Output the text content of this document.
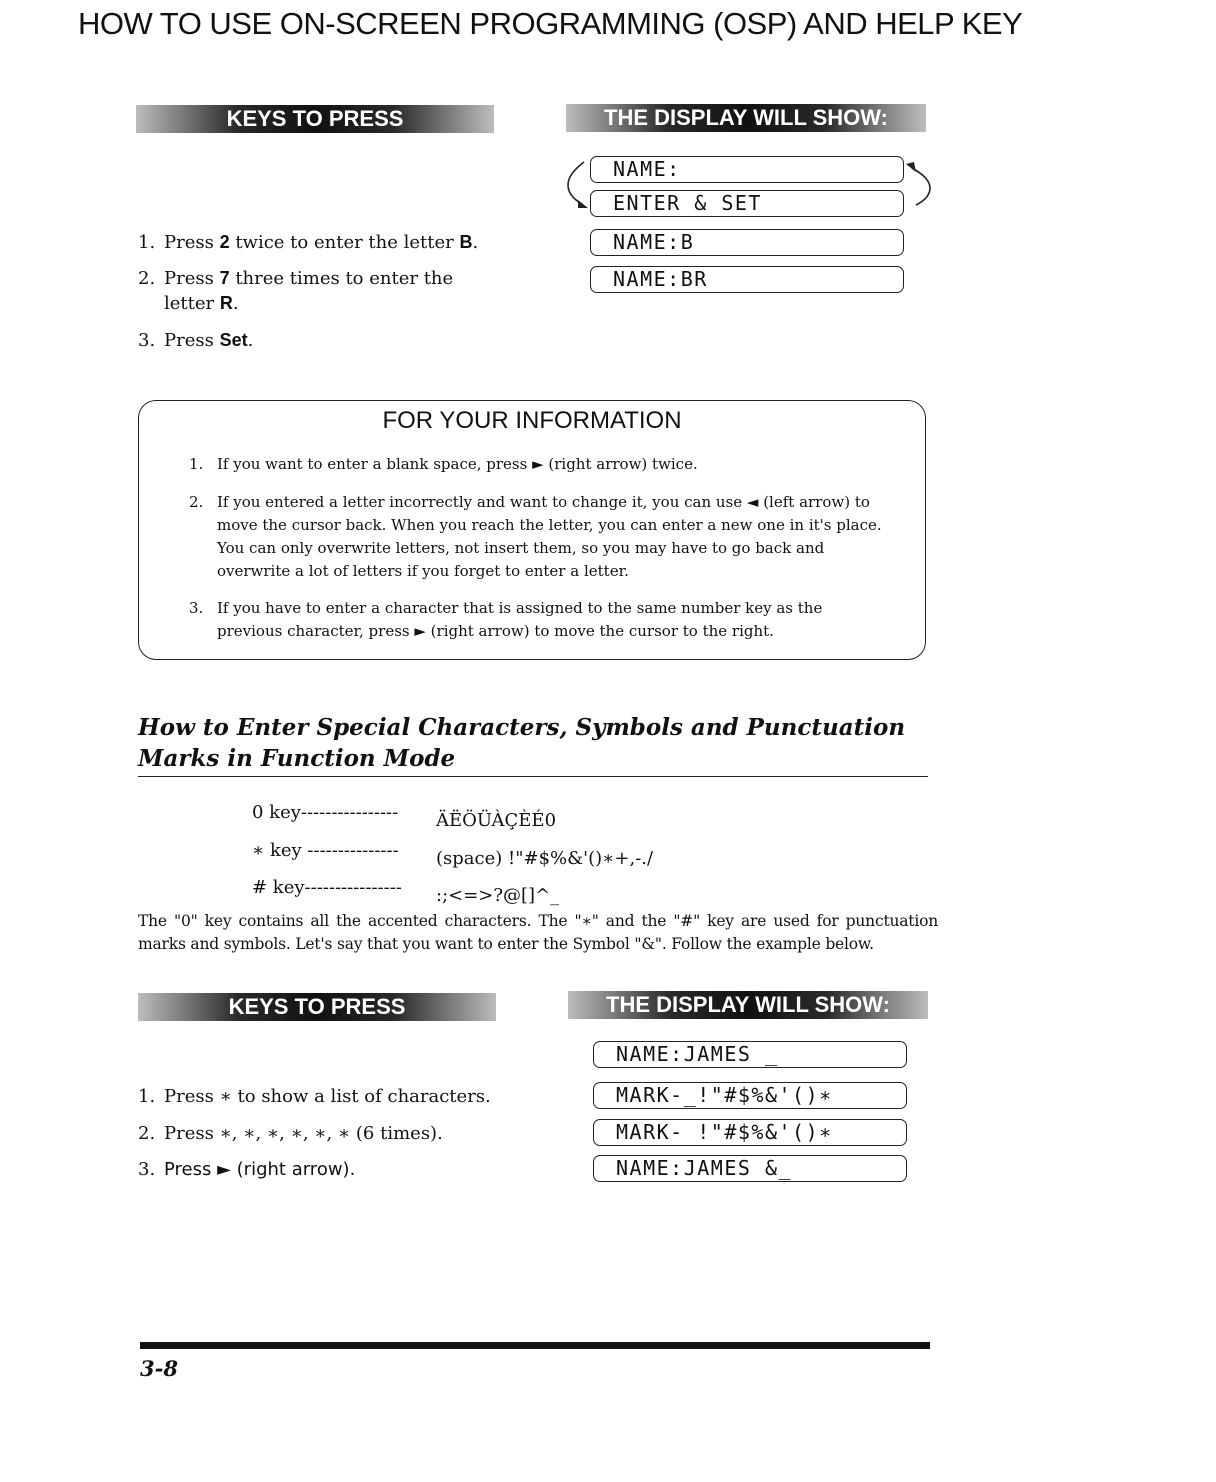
HOW TO USE ON-SCREEN PROGRAMMING (OSP) AND HELP KEY
KEYS TO PRESS	THE DISPLAY WILL SHOW:
1. Press 2 twice to enter the letter B.
2. Press 7 three times to enter the
letter R.
3. Press Set.
NAME:
ENTER & SET
NAME:B
NAME:BR
FOR YOUR INFORMATION
1. If you want to enter a blank space, press ► (right arrow) twice.
2. If you entered a letter incorrectly and want to change it, you can use ◄ (left arrow) to move the cursor back. When you reach the letter, you can enter a new one in it's place. You can only overwrite letters, not insert them, so you may have to go back and overwrite a lot of letters if you forget to enter a letter.
3. If you have to enter a character that is assigned to the same number key as the previous character, press ► (right arrow) to move the cursor to the right.
How to Enter Special Characters, Symbols and Punctuation Marks in Function Mode
0 key---------------- ÄËÖÜÀÇÈÉ0
∗ key --------------- (space) !"#$%&'()∗+,-./
# key---------------- :;<=>?@[]^_
The "0" key contains all the accented characters. The "∗" and the "#" key are used for punctuation marks and symbols. Let's say that you want to enter the Symbol "&". Follow the example below.
KEYS TO PRESS	THE DISPLAY WILL SHOW:
1. Press ∗ to show a list of characters.
2. Press ∗, ∗, ∗, ∗, ∗, ∗ (6 times).
3. Press ► (right arrow).
NAME:JAMES _
MARK-_!"#$%&'()∗
MARK- !"#$%&'()∗
NAME:JAMES &_
3-8
